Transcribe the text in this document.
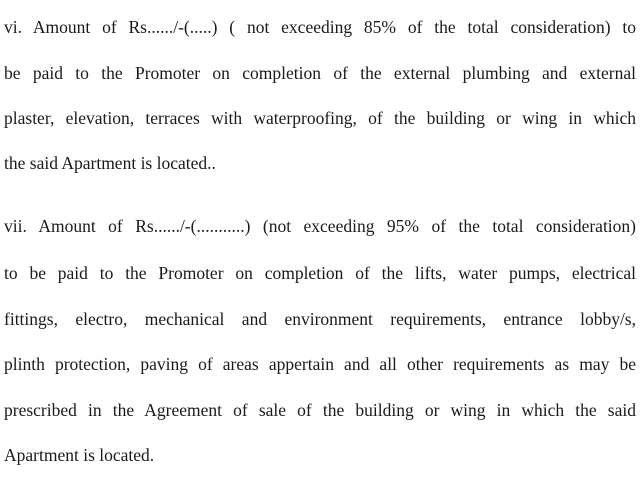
vi. Amount of Rs....../-(.....) ( not exceeding 85% of the total consideration) to
be paid to the Promoter on completion of the external plumbing and external
plaster, elevation, terraces with waterproofing, of the building or wing in which
the said Apartment is located..
vii. Amount of Rs....../-(...........) (not exceeding 95% of the total consideration)
to be paid to the Promoter on completion of the lifts, water pumps, electrical
fittings, electro, mechanical and environment requirements, entrance lobby/s,
plinth protection, paving of areas appertain and all other requirements as may be
prescribed in the Agreement of sale of the building or wing in which the said
Apartment is located.
